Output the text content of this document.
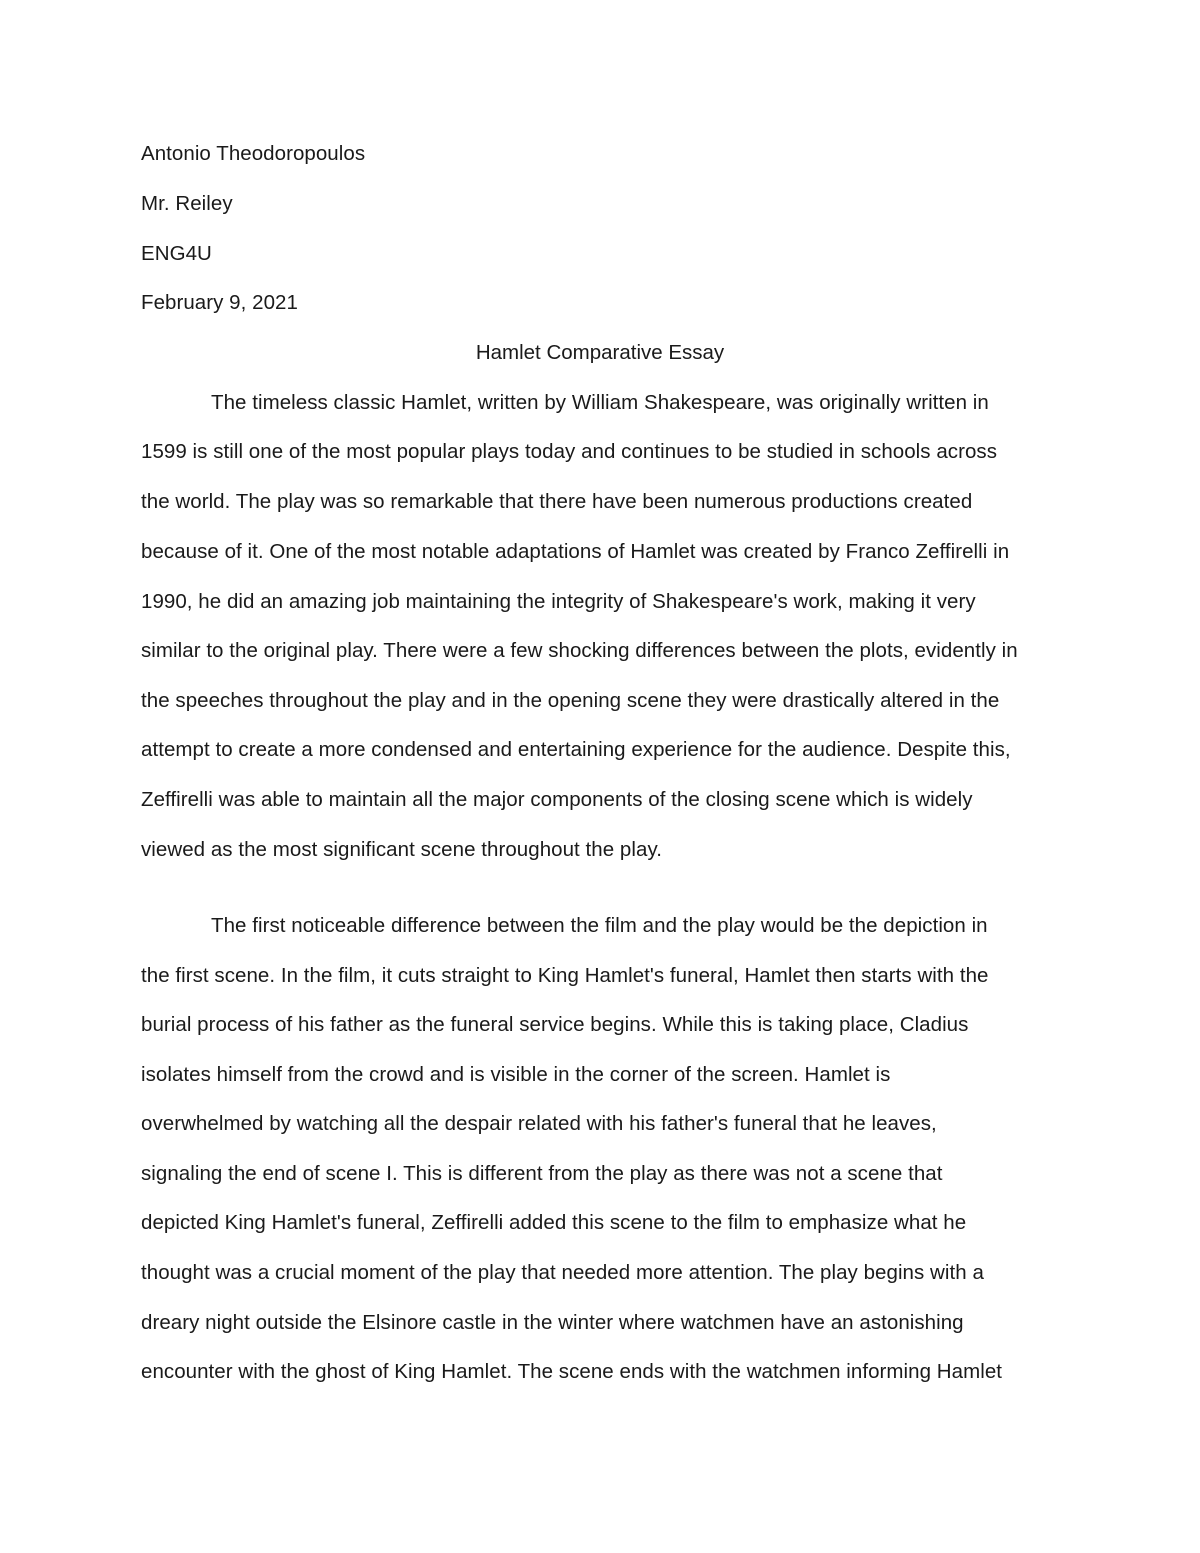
Antonio Theodoropoulos
Mr. Reiley
ENG4U
February 9, 2021
Hamlet Comparative Essay
The timeless classic Hamlet, written by William Shakespeare, was originally written in
1599 is still one of the most popular plays today and continues to be studied in schools across
the world. The play was so remarkable that there have been numerous productions created
because of it. One of the most notable adaptations of Hamlet was created by Franco Zeffirelli in
1990, he did an amazing job maintaining the integrity of Shakespeare's work, making it very
similar to the original play. There were a few shocking differences between the plots, evidently in
the speeches throughout the play and in the opening scene they were drastically altered in the
attempt to create a more condensed and entertaining experience for the audience. Despite this,
Zeffirelli was able to maintain all the major components of the closing scene which is widely
viewed as the most significant scene throughout the play.
The first noticeable difference between the film and the play would be the depiction in
the first scene. In the film, it cuts straight to King Hamlet's funeral, Hamlet then starts with the
burial process of his father as the funeral service begins. While this is taking place, Cladius
isolates himself from the crowd and is visible in the corner of the screen. Hamlet is
overwhelmed by watching all the despair related with his father's funeral that he leaves,
signaling the end of scene I. This is different from the play as there was not a scene that
depicted King Hamlet's funeral, Zeffirelli added this scene to the film to emphasize what he
thought was a crucial moment of the play that needed more attention. The play begins with a
dreary night outside the Elsinore castle in the winter where watchmen have an astonishing
encounter with the ghost of King Hamlet. The scene ends with the watchmen informing Hamlet
